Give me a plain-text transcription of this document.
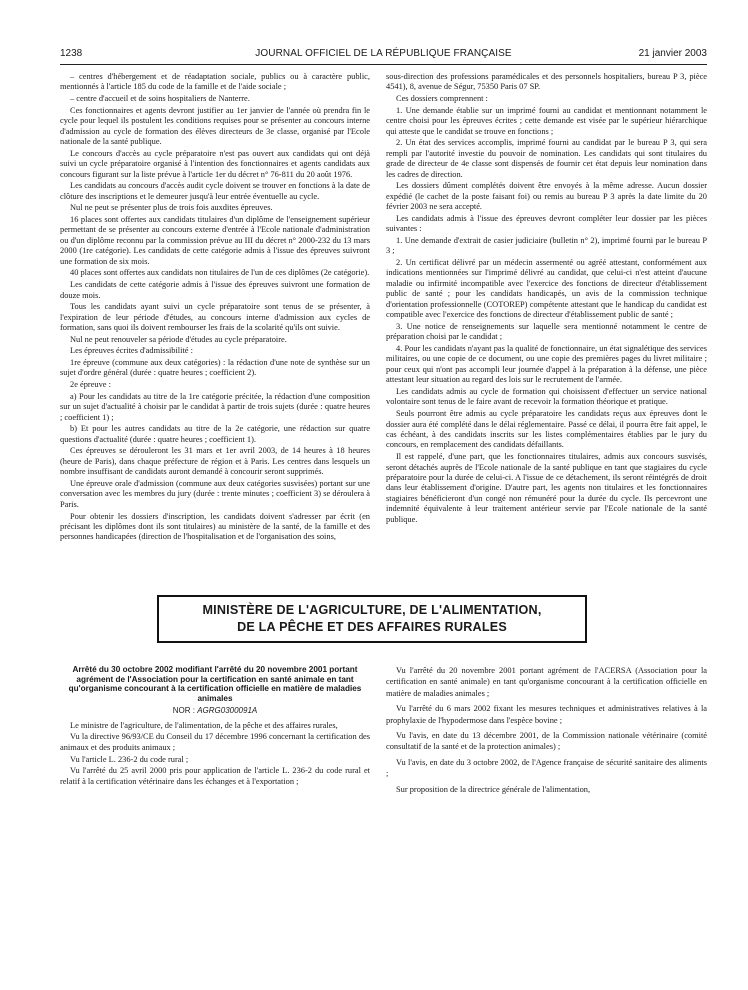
1238	JOURNAL OFFICIEL DE LA RÉPUBLIQUE FRANÇAISE	21 janvier 2003

– centres d'hébergement et de réadaptation sociale, publics ou à caractère public, mentionnés à l'article 185 du code de la famille et de l'aide sociale ;

– centre d'accueil et de soins hospitaliers de Nanterre.

Ces fonctionnaires et agents devront justifier au 1er janvier de l'année où prendra fin le cycle pour lequel ils postulent les conditions requises pour se présenter au concours interne d'admission au cycle de formation des élèves directeurs de 3e classe, organisé par l'Ecole nationale de la santé publique.

Le concours d'accès au cycle préparatoire n'est pas ouvert aux candidats qui ont déjà suivi un cycle préparatoire organisé à l'intention des fonctionnaires et agents candidats aux concours figurant sur la liste prévue à l'article 1er du décret n° 76-811 du 20 août 1976.

Les candidats au concours d'accès audit cycle doivent se trouver en fonctions à la date de clôture des inscriptions et le demeurer jusqu'à leur entrée éventuelle au cycle.

Nul ne peut se présenter plus de trois fois auxdites épreuves.

16 places sont offertes aux candidats titulaires d'un diplôme de l'enseignement supérieur permettant de se présenter au concours externe d'entrée à l'Ecole nationale d'administration ou d'un diplôme reconnu par la commission prévue au III du décret n° 2000-232 du 13 mars 2000 (1re catégorie). Les candidats de cette catégorie admis à l'issue des épreuves suivront une formation de six mois.

40 places sont offertes aux candidats non titulaires de l'un de ces diplômes (2e catégorie).

Les candidats de cette catégorie admis à l'issue des épreuves suivront une formation de douze mois.

Tous les candidats ayant suivi un cycle préparatoire sont tenus de se présenter, à l'expiration de leur période d'études, au concours interne d'admission aux cycles de formation, sans quoi ils doivent rembourser les frais de la scolarité qu'ils ont suivie.

Nul ne peut renouveler sa période d'études au cycle préparatoire.

Les épreuves écrites d'admissibilité :

1re épreuve (commune aux deux catégories) : la rédaction d'une note de synthèse sur un sujet d'ordre général (durée : quatre heures ; coefficient 2).

2e épreuve :

a) Pour les candidats au titre de la 1re catégorie précitée, la rédaction d'une composition sur un sujet d'actualité à choisir par le candidat à partir de trois sujets (durée : quatre heures ; coefficient 1) ;

b) Et pour les autres candidats au titre de la 2e catégorie, une rédaction sur quatre questions d'actualité (durée : quatre heures ; coefficient 1).

Ces épreuves se dérouleront les 31 mars et 1er avril 2003, de 14 heures à 18 heures (heure de Paris), dans chaque préfecture de région et à Paris. Les centres dans lesquels un nombre insuffisant de candidats auront demandé à concourir seront supprimés.

Une épreuve orale d'admission (commune aux deux catégories susvisées) portant sur une conversation avec les membres du jury (durée : trente minutes ; coefficient 3) se déroulera à Paris.

Pour obtenir les dossiers d'inscription, les candidats doivent s'adresser par écrit (en précisant les diplômes dont ils sont titulaires) au ministère de la santé, de la famille et des personnes handicapées (direction de l'hospitalisation et de l'organisation des soins,

sous-direction des professions paramédicales et des personnels hospitaliers, bureau P 3, pièce 4541), 8, avenue de Ségur, 75350 Paris 07 SP.

Ces dossiers comprennent :

1. Une demande établie sur un imprimé fourni au candidat et mentionnant notamment le centre choisi pour les épreuves écrites ; cette demande est visée par le supérieur hiérarchique qui atteste que le candidat se trouve en fonctions ;

2. Un état des services accomplis, imprimé fourni au candidat par le bureau P 3, qui sera rempli par l'autorité investie du pouvoir de nomination. Les candidats qui sont titulaires du grade de directeur de 4e classe sont dispensés de fournir cet état depuis leur nomination dans les cadres de direction.

Les dossiers dûment complétés doivent être envoyés à la même adresse. Aucun dossier expédié (le cachet de la poste faisant foi) ou remis au bureau P 3 après la date limite du 20 février 2003 ne sera accepté.

Les candidats admis à l'issue des épreuves devront compléter leur dossier par les pièces suivantes :

1. Une demande d'extrait de casier judiciaire (bulletin n° 2), imprimé fourni par le bureau P 3 ;

2. Un certificat délivré par un médecin assermenté ou agréé attestant, conformément aux indications mentionnées sur l'imprimé délivré au candidat, que celui-ci n'est atteint d'aucune maladie ou infirmité incompatible avec l'exercice des fonctions de directeur d'établissement public de santé ; pour les candidats handicapés, un avis de la commission technique d'orientation professionnelle (COTOREP) compétente attestant que le handicap du candidat est compatible avec l'exercice des fonctions de directeur d'établissement public de santé ;

3. Une notice de renseignements sur laquelle sera mentionné notamment le centre de préparation choisi par le candidat ;

4. Pour les candidats n'ayant pas la qualité de fonctionnaire, un état signalétique des services militaires, ou une copie de ce document, ou une copie des premières pages du livret militaire ; pour ceux qui n'ont pas accompli leur journée d'appel à la préparation à la défense, une pièce attestant leur situation au regard des lois sur le recrutement de l'armée.

Les candidats admis au cycle de formation qui choisissent d'effectuer un service national volontaire sont tenus de le faire avant de recevoir la formation théorique et pratique.

Seuls pourront être admis au cycle préparatoire les candidats reçus aux épreuves dont le dossier aura été complété dans le délai réglementaire. Passé ce délai, il pourra être fait appel, le cas échéant, à des candidats inscrits sur les listes complémentaires établies par le jury du concours, en remplacement des candidats défaillants.

Il est rappelé, d'une part, que les fonctionnaires titulaires, admis aux concours susvisés, seront détachés auprès de l'Ecole nationale de la santé publique en tant que stagiaires du cycle préparatoire pour la durée de celui-ci. A l'issue de ce détachement, ils seront réintégrés de droit dans leur établissement d'origine. D'autre part, les agents non titulaires et les fonctionnaires stagiaires bénéficieront d'un congé non rémunéré pour la durée du cycle. Ils percevront une indemnité équivalente à leur traitement antérieur servie par l'Ecole nationale de la santé publique.

MINISTÈRE DE L'AGRICULTURE, DE L'ALIMENTATION,
DE LA PÊCHE ET DES AFFAIRES RURALES
Arrêté du 30 octobre 2002 modifiant l'arrêté du 20 novembre 2001 portant agrément de l'Association pour la certification en santé animale en tant qu'organisme concourant à la certification officielle en matière de maladies animales
NOR : AGRG0300091A

Le ministre de l'agriculture, de l'alimentation, de la pêche et des affaires rurales,

Vu la directive 96/93/CE du Conseil du 17 décembre 1996 concernant la certification des animaux et des produits animaux ;

Vu l'article L. 236-2 du code rural ;

Vu l'arrêté du 25 avril 2000 pris pour application de l'article L. 236-2 du code rural et relatif à la certification vétérinaire dans les échanges et à l'exportation ;

Vu l'arrêté du 20 novembre 2001 portant agrément de l'ACERSA (Association pour la certification en santé animale) en tant qu'organisme concourant à la certification officielle en matière de maladies animales ;

Vu l'arrêté du 6 mars 2002 fixant les mesures techniques et administratives relatives à la prophylaxie de l'hypodermose dans l'espèce bovine ;

Vu l'avis, en date du 13 décembre 2001, de la Commission nationale vétérinaire (comité consultatif de la santé et de la protection animales) ;

Vu l'avis, en date du 3 octobre 2002, de l'Agence française de sécurité sanitaire des aliments ;

Sur proposition de la directrice générale de l'alimentation,
